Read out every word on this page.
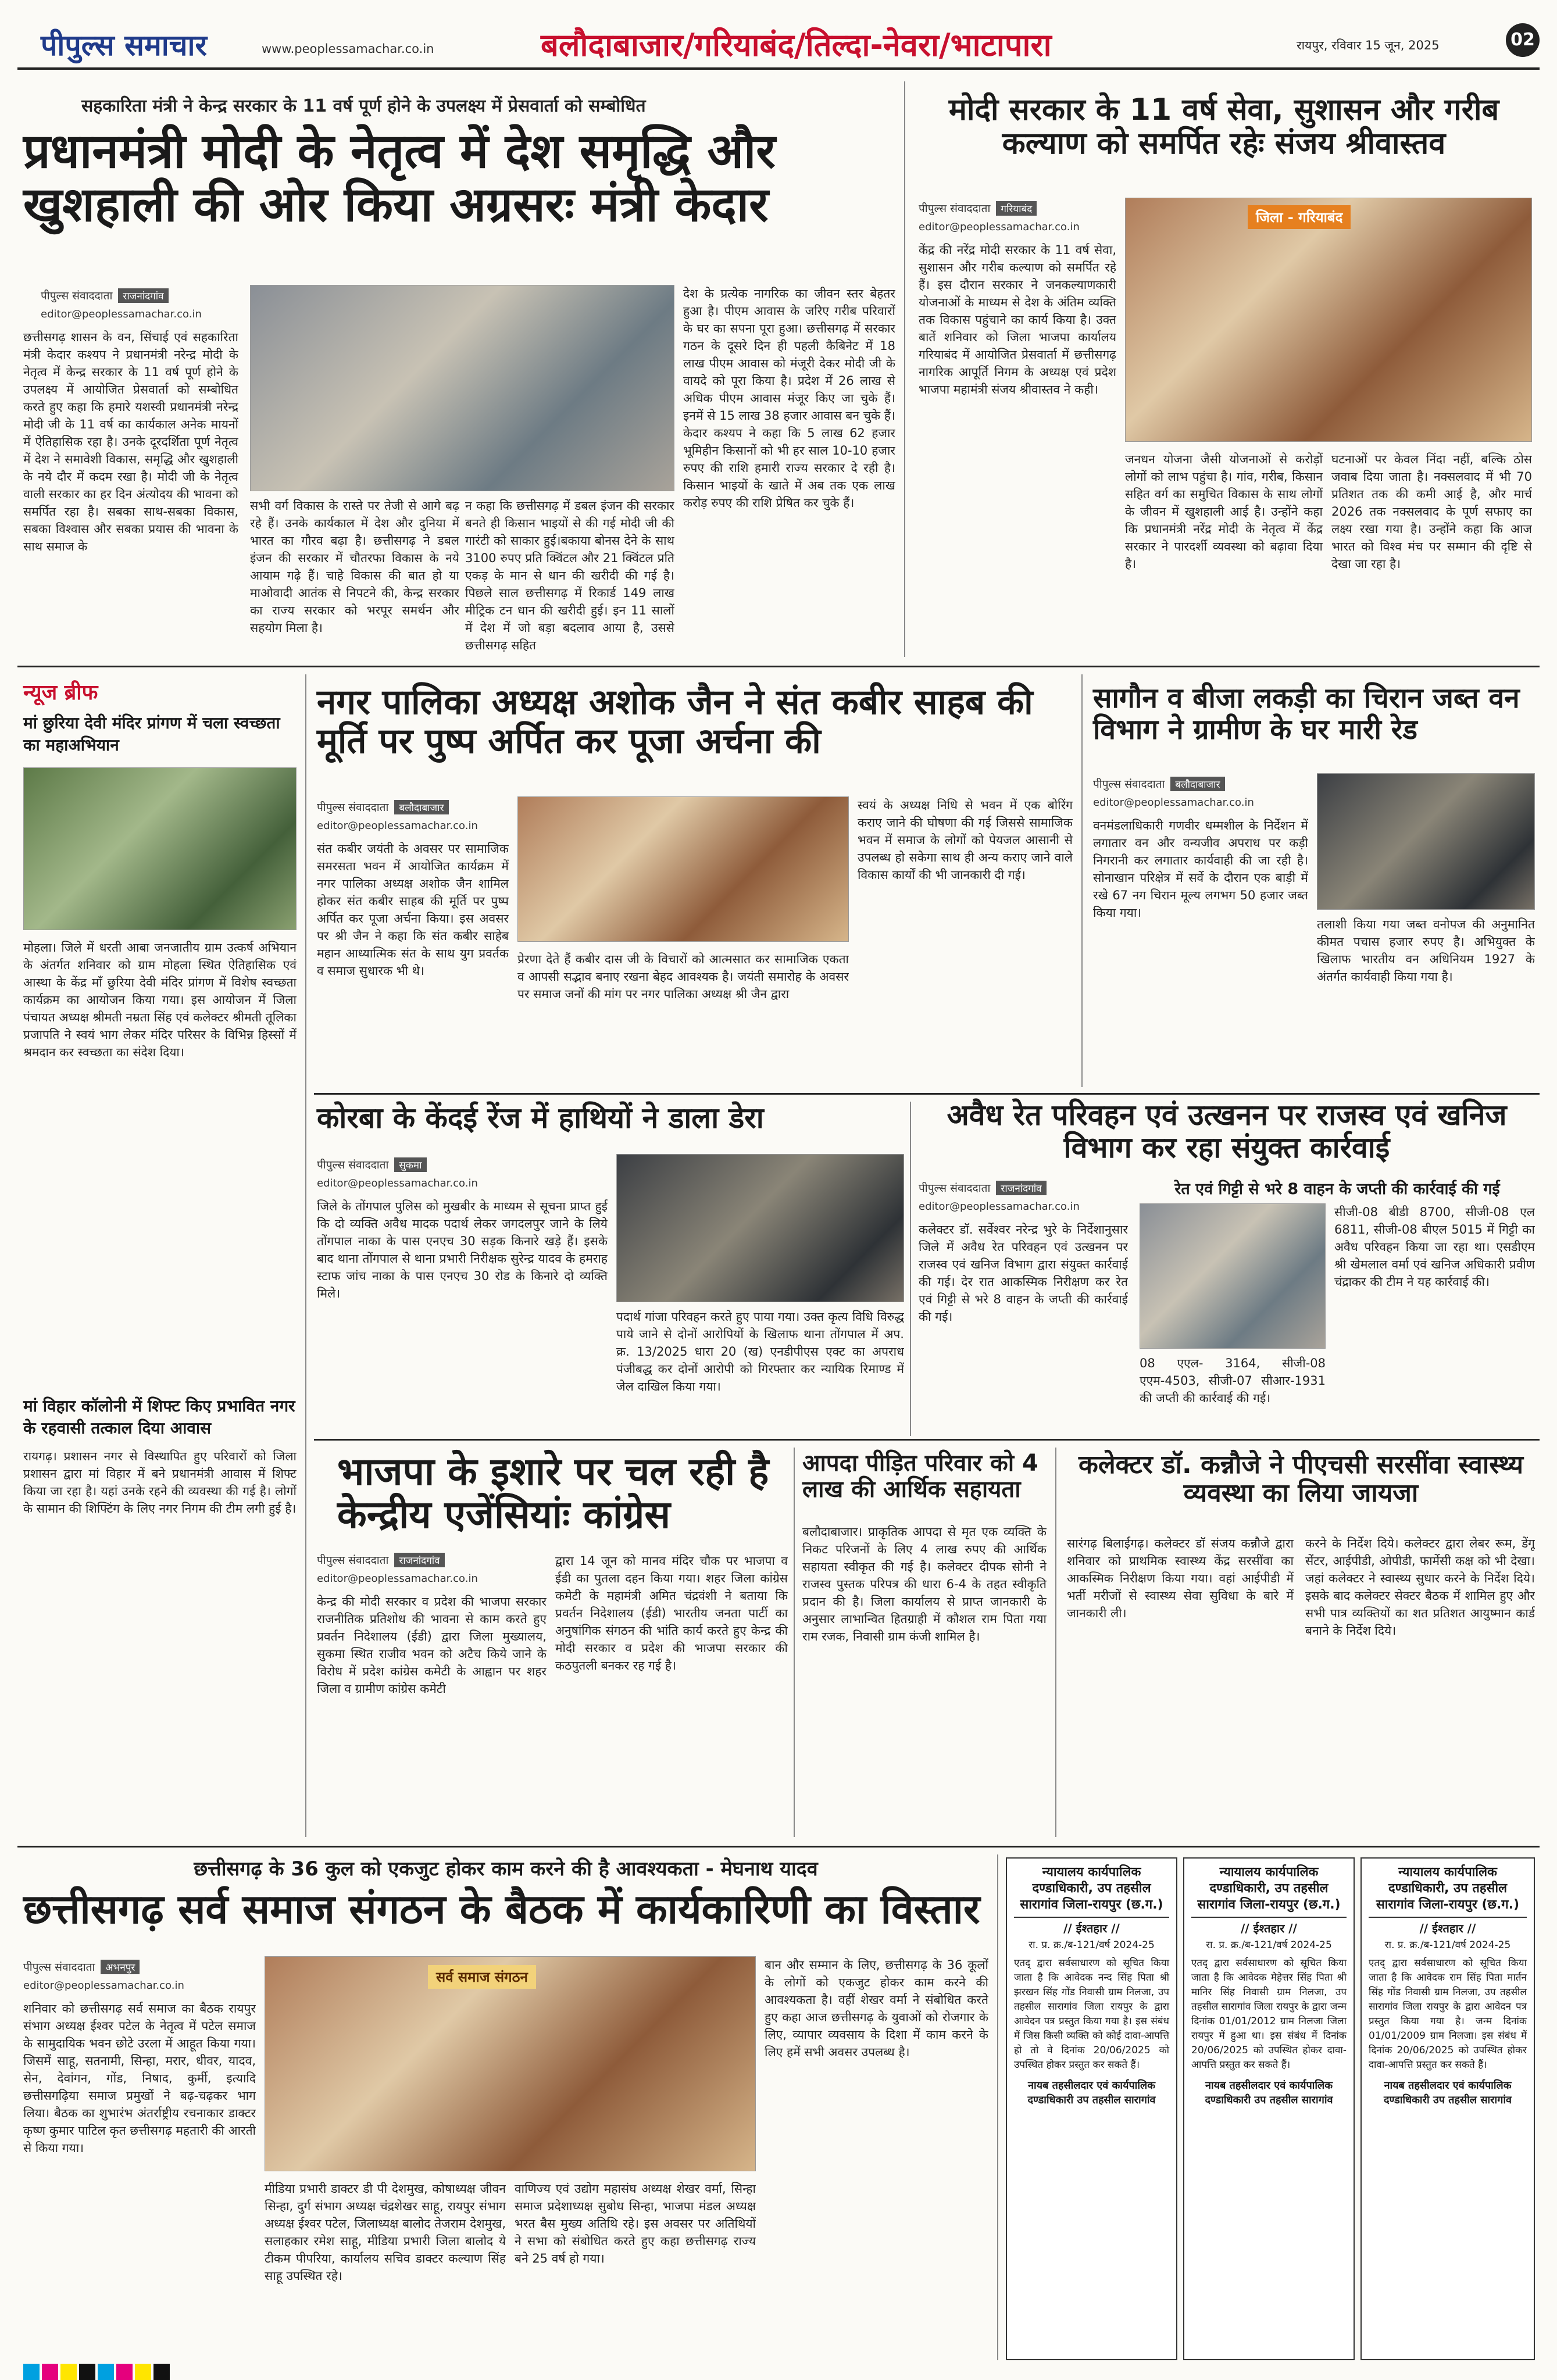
पीपुल्स समाचार	www.peoplessamachar.co.in	बलौदाबाजार/गरियाबंद/तिल्दा-नेवरा/भाटापारा	रायपुर, रविवार 15 जून, 2025	02
सहकारिता मंत्री ने केन्द्र सरकार के 11 वर्ष पूर्ण होने के उपलक्ष्य में प्रेसवार्ता को सम्बोधित
प्रधानमंत्री मोदी के नेतृत्व में देश समृद्धि और खुशहाली की ओर किया अग्रसरः मंत्री केदार
पीपुल्स संवाददाता	राजनांदगांव
editor@peoplessamachar.co.in
छत्तीसगढ़ शासन के वन, सिंचाई एवं सहकारिता मंत्री केदार कश्यप ने प्रधानमंत्री नरेन्द्र मोदी के नेतृत्व में केन्द्र सरकार के 11 वर्ष पूर्ण होने के उपलक्ष्य में आयोजित प्रेसवार्ता को सम्बोधित करते हुए कहा कि हमारे यशस्वी प्रधानमंत्री नरेन्द्र मोदी जी के 11 वर्ष का कार्यकाल अनेक मायनों में ऐतिहासिक रहा है। उनके दूरदर्शिता पूर्ण नेतृत्व में देश ने समावेशी विकास, समृद्धि और खुशहाली के नये दौर में कदम रखा है। मोदी जी के नेतृत्व वाली सरकार का हर दिन अंत्योदय की भावना को समर्पित रहा है। सबका साथ-सबका विकास, सबका विश्वास और सबका प्रयास की भावना के साथ समाज के
सभी वर्ग विकास के रास्ते पर तेजी से आगे बढ़ रहे हैं। उनके कार्यकाल में देश और दुनिया में भारत का गौरव बढ़ा है। छत्तीसगढ़ ने डबल इंजन की सरकार में चौतरफा विकास के नये आयाम गढ़े हैं। चाहे विकास की बात हो या माओवादी आतंक से निपटने की, केन्द्र सरकार का राज्य सरकार को भरपूर समर्थन और सहयोग मिला है।
न कहा कि छत्तीसगढ़ में डबल इंजन की सरकार बनते ही किसान भाइयों से की गई मोदी जी की गारंटी को साकार हुई।बकाया बोनस देने के साथ 3100 रुपए प्रति क्विंटल और 21 क्विंटल प्रति एकड़ के मान से धान की खरीदी की गई है। पिछले साल छत्तीसगढ़ में रिकार्ड 149 लाख मीट्रिक टन धान की खरीदी हुई। इन 11 सालों में देश में जो बड़ा बदलाव आया है, उससे छत्तीसगढ़ सहित
देश के प्रत्येक नागरिक का जीवन स्तर बेहतर हुआ है। पीएम आवास के जरिए गरीब परिवारों के घर का सपना पूरा हुआ। छत्तीसगढ़ में सरकार गठन के दूसरे दिन ही पहली कैबिनेट में 18 लाख पीएम आवास को मंजूरी देकर मोदी जी के वायदे को पूरा किया है। प्रदेश में 26 लाख से अधिक पीएम आवास मंजूर किए जा चुके हैं। इनमें से 15 लाख 38 हजार आवास बन चुके हैं। केदार कश्यप ने कहा कि 5 लाख 62 हजार भूमिहीन किसानों को भी हर साल 10-10 हजार रुपए की राशि हमारी राज्य सरकार दे रही है। किसान भाइयों के खाते में अब तक एक लाख करोड़ रुपए की राशि प्रेषित कर चुके हैं।
मोदी सरकार के 11 वर्ष सेवा, सुशासन और गरीब कल्याण को समर्पित रहेः संजय श्रीवास्तव
पीपुल्स संवाददाता	गरियाबंद
editor@peoplessamachar.co.in
केंद्र की नरेंद्र मोदी सरकार के 11 वर्ष सेवा, सुशासन और गरीब कल्याण को समर्पित रहे हैं। इस दौरान सरकार ने जनकल्याणकारी योजनाओं के माध्यम से देश के अंतिम व्यक्ति तक विकास पहुंचाने का कार्य किया है। उक्त बातें शनिवार को जिला भाजपा कार्यालय गरियाबंद में आयोजित प्रेसवार्ता में छत्तीसगढ़ नागरिक आपूर्ति निगम के अध्यक्ष एवं प्रदेश भाजपा महामंत्री संजय श्रीवास्तव ने कही।
जिला - गरियाबंद
जनधन योजना जैसी योजनाओं से करोड़ों लोगों को लाभ पहुंचा है। गांव, गरीब, किसान सहित वर्ग का समुचित विकास के साथ लोगों के जीवन में खुशहाली आई है। उन्होंने कहा कि प्रधानमंत्री नरेंद्र मोदी के नेतृत्व में केंद्र सरकार ने पारदर्शी व्यवस्था को बढ़ावा दिया है।
घटनाओं पर केवल निंदा नहीं, बल्कि ठोस जवाब दिया जाता है। नक्सलवाद में भी 70 प्रतिशत तक की कमी आई है, और मार्च 2026 तक नक्सलवाद के पूर्ण सफाए का लक्ष्य रखा गया है। उन्होंने कहा कि आज भारत को विश्व मंच पर सम्मान की दृष्टि से देखा जा रहा है।
न्यूज ब्रीफ
मां छुरिया देवी मंदिर प्रांगण में चला स्वच्छता का महाअभियान
मोहला। जिले में धरती आबा जनजातीय ग्राम उत्कर्ष अभियान के अंतर्गत शनिवार को ग्राम मोहला स्थित ऐतिहासिक एवं आस्था के केंद्र माँ छुरिया देवी मंदिर प्रांगण में विशेष स्वच्छता कार्यक्रम का आयोजन किया गया। इस आयोजन में जिला पंचायत अध्यक्ष श्रीमती नम्रता सिंह एवं कलेक्टर श्रीमती तूलिका प्रजापति ने स्वयं भाग लेकर मंदिर परिसर के विभिन्न हिस्सों में श्रमदान कर स्वच्छता का संदेश दिया।
मां विहार कॉलोनी में शिफ्ट किए प्रभावित नगर के रहवासी तत्काल दिया आवास
रायगढ़। प्रशासन नगर से विस्थापित हुए परिवारों को जिला प्रशासन द्वारा मां विहार में बने प्रधानमंत्री आवास में शिफ्ट किया जा रहा है। यहां उनके रहने की व्यवस्था की गई है। लोगों के सामान की शिफ्टिंग के लिए नगर निगम की टीम लगी हुई है।
नगर पालिका अध्यक्ष अशोक जैन ने संत कबीर साहब की मूर्ति पर पुष्प अर्पित कर पूजा अर्चना की
पीपुल्स संवाददाता	बलौदाबाजार
editor@peoplessamachar.co.in
संत कबीर जयंती के अवसर पर सामाजिक समरसता भवन में आयोजित कार्यक्रम में नगर पालिका अध्यक्ष अशोक जैन शामिल होकर संत कबीर साहब की मूर्ति पर पुष्प अर्पित कर पूजा अर्चना किया। इस अवसर पर श्री जैन ने कहा कि संत कबीर साहेब महान आध्यात्मिक संत के साथ युग प्रवर्तक व समाज सुधारक भी थे।
प्रेरणा देते हैं कबीर दास जी के विचारों को आत्मसात कर सामाजिक एकता व आपसी सद्भाव बनाए रखना बेहद आवश्यक है। जयंती समारोह के अवसर पर समाज जनों की मांग पर नगर पालिका अध्यक्ष श्री जैन द्वारा
स्वयं के अध्यक्ष निधि से भवन में एक बोरिंग कराए जाने की घोषणा की गई जिससे सामाजिक भवन में समाज के लोगों को पेयजल आसानी से उपलब्ध हो सकेगा साथ ही अन्य कराए जाने वाले विकास कार्यों की भी जानकारी दी गई।
सागौन व बीजा लकड़ी का चिरान जब्त वन विभाग ने ग्रामीण के घर मारी रेड
पीपुल्स संवाददाता	बलौदाबाजार
editor@peoplessamachar.co.in
वनमंडलाधिकारी गणवीर धम्मशील के निर्देशन में लगातार वन और वन्यजीव अपराध पर कड़ी निगरानी कर लगातार कार्यवाही की जा रही है। सोनाखान परिक्षेत्र में सर्वे के दौरान एक बाड़ी में रखे 67 नग चिरान मूल्य लगभग 50 हजार जब्त किया गया।
तलाशी किया गया जब्त वनोपज की अनुमानित कीमत पचास हजार रुपए है। अभियुक्त के खिलाफ भारतीय वन अधिनियम 1927 के अंतर्गत कार्यवाही किया गया है।
कोरबा के केंदई रेंज में हाथियों ने डाला डेरा
पीपुल्स संवाददाता	सुकमा
editor@peoplessamachar.co.in
जिले के तोंगपाल पुलिस को मुखबीर के माध्यम से सूचना प्राप्त हुई कि दो व्यक्ति अवैध मादक पदार्थ लेकर जगदलपुर जाने के लिये तोंगपाल नाका के पास एनएच 30 सड़क किनारे खड़े हैं। इसके बाद थाना तोंगपाल से थाना प्रभारी निरीक्षक सुरेन्द्र यादव के हमराह स्टाफ जांच नाका के पास एनएच 30 रोड के किनारे दो व्यक्ति मिले।
पदार्थ गांजा परिवहन करते हुए पाया गया। उक्त कृत्य विधि विरुद्ध पाये जाने से दोनों आरोपियों के खिलाफ थाना तोंगपाल में अप. क्र. 13/2025 धारा 20 (ख) एनडीपीएस एक्ट का अपराध पंजीबद्ध कर दोनों आरोपी को गिरफ्तार कर न्यायिक रिमाण्ड में जेल दाखिल किया गया।
अवैध रेत परिवहन एवं उत्खनन पर राजस्व एवं खनिज विभाग कर रहा संयुक्त कार्रवाई
रेत एवं गिट्टी से भरे 8 वाहन के जप्ती की कार्रवाई की गई
पीपुल्स संवाददाता	राजनांदगांव
editor@peoplessamachar.co.in
कलेक्टर डॉ. सर्वेश्वर नरेन्द्र भुरे के निर्देशानुसार जिले में अवैध रेत परिवहन एवं उत्खनन पर राजस्व एवं खनिज विभाग द्वारा संयुक्त कार्रवाई की गई। देर रात आकस्मिक निरीक्षण कर रेत एवं गिट्टी से भरे 8 वाहन के जप्ती की कार्रवाई की गई।
08 एएल- 3164, सीजी-08 एएम-4503, सीजी-07 सीआर-1931 की जप्ती की कार्रवाई की गई।
सीजी-08 बीडी 8700, सीजी-08 एल 6811, सीजी-08 बीएल 5015 में गिट्टी का अवैध परिवहन किया जा रहा था। एसडीएम श्री खेमलाल वर्मा एवं खनिज अधिकारी प्रवीण चंद्राकर की टीम ने यह कार्रवाई की।
भाजपा के इशारे पर चल रही है केन्द्रीय एजेंसियांः कांग्रेस
पीपुल्स संवाददाता	राजनांदगांव
editor@peoplessamachar.co.in
केन्द्र की मोदी सरकार व प्रदेश की भाजपा सरकार राजनीतिक प्रतिशोध की भावना से काम करते हुए प्रवर्तन निदेशालय (ईडी) द्वारा जिला मुख्यालय, सुकमा स्थित राजीव भवन को अटैच किये जाने के विरोध में प्रदेश कांग्रेस कमेटी के आह्वान पर शहर जिला व ग्रामीण कांग्रेस कमेटी
द्वारा 14 जून को मानव मंदिर चौक पर भाजपा व ईडी का पुतला दहन किया गया। शहर जिला कांग्रेस कमेटी के महामंत्री अमित चंद्रवंशी ने बताया कि प्रवर्तन निदेशालय (ईडी) भारतीय जनता पार्टी का अनुषांगिक संगठन की भांति कार्य करते हुए केन्द्र की मोदी सरकार व प्रदेश की भाजपा सरकार की कठपुतली बनकर रह गई है।
आपदा पीड़ित परिवार को 4 लाख की आर्थिक सहायता
बलौदाबाजार। प्राकृतिक आपदा से मृत एक व्यक्ति के निकट परिजनों के लिए 4 लाख रुपए की आर्थिक सहायता स्वीकृत की गई है। कलेक्टर दीपक सोनी ने राजस्व पुस्तक परिपत्र की धारा 6-4 के तहत स्वीकृति प्रदान की है। जिला कार्यालय से प्राप्त जानकारी के अनुसार लाभान्वित हितग्राही में कौशल राम पिता गया राम रजक, निवासी ग्राम कंजी शामिल है।
कलेक्टर डॉ. कन्नौजे ने पीएचसी सरसींवा स्वास्थ्य व्यवस्था का लिया जायजा
सारंगढ़ बिलाईगढ़। कलेक्टर डॉ संजय कन्नौजे द्वारा शनिवार को प्राथमिक स्वास्थ्य केंद्र सरसींवा का आकस्मिक निरीक्षण किया गया। वहां आईपीडी में भर्ती मरीजों से स्वास्थ्य सेवा सुविधा के बारे में जानकारी ली।
करने के निर्देश दिये। कलेक्टर द्वारा लेबर रूम, डेंगू सेंटर, आईपीडी, ओपीडी, फार्मेसी कक्ष को भी देखा। जहां कलेक्टर ने स्वास्थ्य सुधार करने के निर्देश दिये। इसके बाद कलेक्टर सेक्टर बैठक में शामिल हुए और सभी पात्र व्यक्तियों का शत प्रतिशत आयुष्मान कार्ड बनाने के निर्देश दिये।
छत्तीसगढ़ के 36 कुल को एकजुट होकर काम करने की है आवश्यकता - मेघनाथ यादव
छत्तीसगढ़ सर्व समाज संगठन के बैठक में कार्यकारिणी का विस्तार
पीपुल्स संवाददाता	अभनपुर
editor@peoplessamachar.co.in
शनिवार को छत्तीसगढ़ सर्व समाज का बैठक रायपुर संभाग अध्यक्ष ईश्वर पटेल के नेतृत्व में पटेल समाज के सामुदायिक भवन छोटे उरला में आहूत किया गया।जिसमें साहू, सतनामी, सिन्हा, मरार, धीवर, यादव, सेन, देवांगन, गोंड, निषाद, कुर्मी, इत्यादि छत्तीसगढ़िया समाज प्रमुखों ने बढ़-चढ़कर भाग लिया। बैठक का शुभारंभ अंतर्राष्ट्रीय रचनाकार डाक्टर कृष्ण कुमार पाटिल कृत छत्तीसगढ़ महतारी की आरती से किया गया।
सर्व समाज संगठन
मीडिया प्रभारी डाक्टर डी पी देशमुख, कोषाध्यक्ष जीवन सिन्हा, दुर्ग संभाग अध्यक्ष चंद्रशेखर साहू, रायपुर संभाग अध्यक्ष ईश्वर पटेल, जिलाध्यक्ष बालोद तेजराम देशमुख, सलाहकार रमेश साहू, मीडिया प्रभारी जिला बालोद ये टीकम पीपरिया, कार्यालय सचिव डाक्टर कल्याण सिंह साहू उपस्थित रहे।
वाणिज्य एवं उद्योग महासंघ अध्यक्ष शेखर वर्मा, सिन्हा समाज प्रदेशाध्यक्ष सुबोध सिन्हा, भाजपा मंडल अध्यक्ष भरत बैस मुख्य अतिथि रहे। इस अवसर पर अतिथियों ने सभा को संबोधित करते हुए कहा छत्तीसगढ़ राज्य बने 25 वर्ष हो गया।
बान और सम्मान के लिए, छत्तीसगढ़ के 36 कूलों के लोगों को एकजुट होकर काम करने की आवश्यकता है। वहीं शेखर वर्मा ने संबोधित करते हुए कहा आज छत्तीसगढ़ के युवाओं को रोजगार के लिए, व्यापार व्यवसाय के दिशा में काम करने के लिए हमें सभी अवसर उपलब्ध है।
न्यायालय कार्यपालिक दण्डाधिकारी, उप तहसील सारागांव जिला-रायपुर (छ.ग.)
// ईश्तहार //
रा. प्र. क्र./ब-121/वर्ष 2024-25
एतद् द्वारा सर्वसाधारण को सूचित किया जाता है कि आवेदक नन्द सिंह पिता श्री झरखन सिंह गोंड निवासी ग्राम निलजा, उप तहसील सारागांव जिला रायपुर के द्वारा आवेदन पत्र प्रस्तुत किया गया है। इस संबंध में जिस किसी व्यक्ति को कोई दावा-आपत्ति हो तो वे दिनांक 20/06/2025 को उपस्थित होकर प्रस्तुत कर सकते हैं।
नायब तहसीलदार एवं कार्यपालिक दण्डाधिकारी उप तहसील सारागांव
न्यायालय कार्यपालिक दण्डाधिकारी, उप तहसील सारागांव जिला-रायपुर (छ.ग.)
// ईश्तहार //
रा. प्र. क्र./ब-121/वर्ष 2024-25
एतद् द्वारा सर्वसाधारण को सूचित किया जाता है कि आवेदक मेहेत्तर सिंह पिता श्री मानिर सिंह निवासी ग्राम निलजा, उप तहसील सारागांव जिला रायपुर के द्वारा जन्म दिनांक 01/01/2012 ग्राम निलजा जिला रायपुर में हुआ था। इस संबंध में दिनांक 20/06/2025 को उपस्थित होकर दावा-आपत्ति प्रस्तुत कर सकते हैं।
नायब तहसीलदार एवं कार्यपालिक दण्डाधिकारी उप तहसील सारागांव
न्यायालय कार्यपालिक दण्डाधिकारी, उप तहसील सारागांव जिला-रायपुर (छ.ग.)
// ईश्तहार //
रा. प्र. क्र./ब-121/वर्ष 2024-25
एतद् द्वारा सर्वसाधारण को सूचित किया जाता है कि आवेदक राम सिंह पिता मार्तन सिंह गोंड निवासी ग्राम निलजा, उप तहसील सारागांव जिला रायपुर के द्वारा आवेदन पत्र प्रस्तुत किया गया है। जन्म दिनांक 01/01/2009 ग्राम निलजा। इस संबंध में दिनांक 20/06/2025 को उपस्थित होकर दावा-आपत्ति प्रस्तुत कर सकते हैं।
नायब तहसीलदार एवं कार्यपालिक दण्डाधिकारी उप तहसील सारागांव
